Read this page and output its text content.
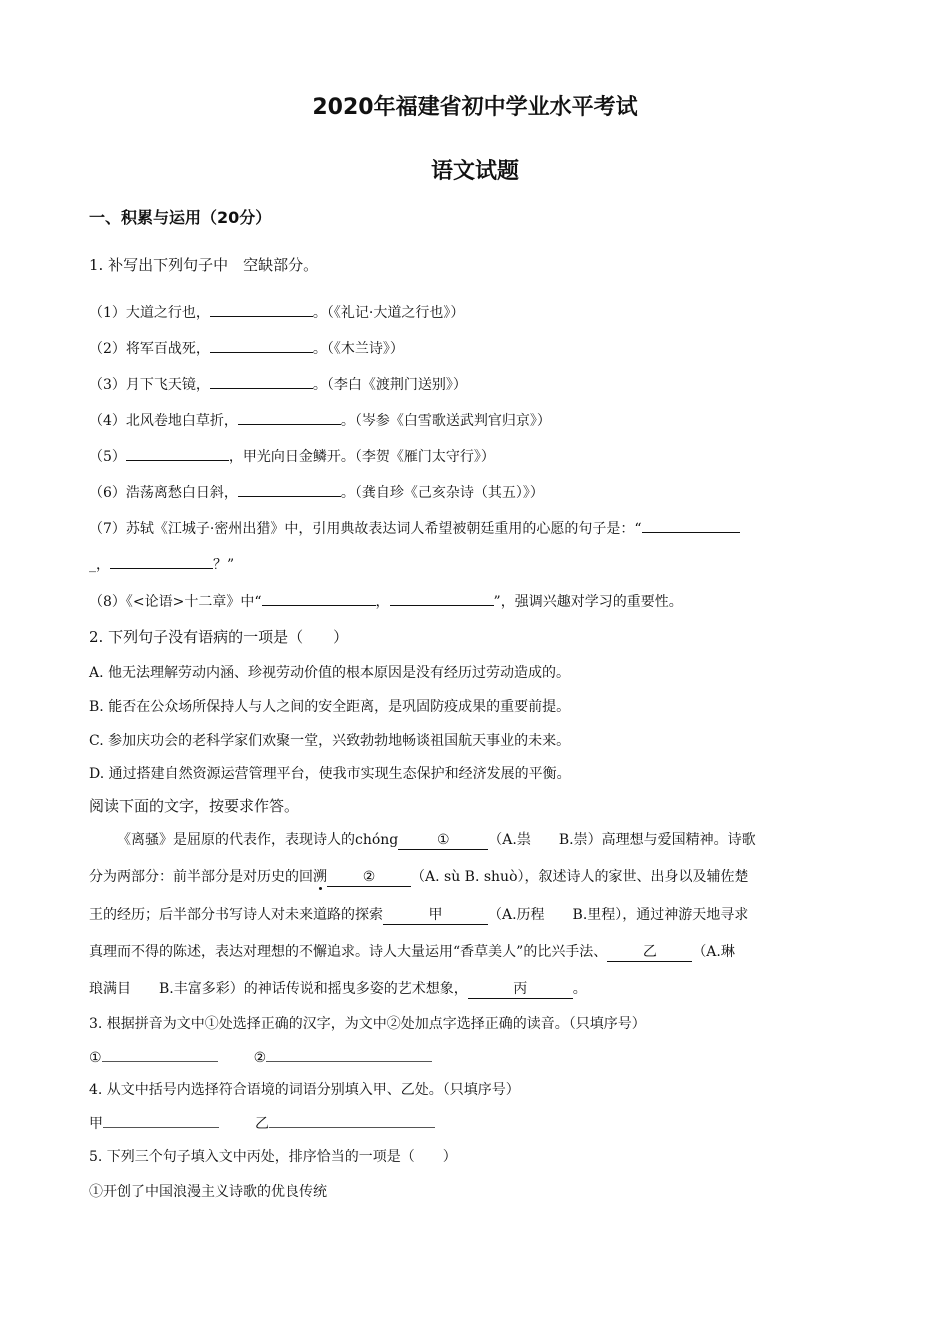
2020年福建省初中学业水平考试
语文试题
一、积累与运用（20分）
1. 补写出下列句子中　空缺部分。
（1）大道之行也，	。（《礼记·大道之行也》）
（2）将军百战死，	。（《木兰诗》）
（3）月下飞天镜，	。（李白《渡荆门送别》）
（4）北风卷地白草折，	。（岑参《白雪歌送武判官归京》）
（5）	，甲光向日金鳞开。（李贺《雁门太守行》）
（6）浩荡离愁白日斜，	。（龚自珍《己亥杂诗（其五）》）
（7）苏轼《江城子·密州出猎》中，引用典故表达词人希望被朝廷重用的心愿的句子是：“
_，	？”
（8）《<论语>十二章》中“	，	”，强调兴趣对学习的重要性。
2. 下列句子没有语病的一项是（　　）
A. 他无法理解劳动内涵、珍视劳动价值的根本原因是没有经历过劳动造成的。
B. 能否在公众场所保持人与人之间的安全距离，是巩固防疫成果的重要前提。
C. 参加庆功会的老科学家们欢聚一堂，兴致勃勃地畅谈祖国航天事业的未来。
D. 通过搭建自然资源运营管理平台，使我市实现生态保护和经济发展的平衡。
阅读下面的文字，按要求作答。
《离骚》是屈原的代表作，表现诗人的chóng	①	（A.祟　　B.崇）高理想与爱国精神。诗歌
分为两部分：前半部分是对历史的回溯	②	（A. sù B. shuò），叙述诗人的家世、出身以及辅佐楚
王的经历；后半部分书写诗人对未来道路的探索	甲	（A.历程　　B.里程），通过神游天地寻求
真理而不得的陈述，表达对理想的不懈追求。诗人大量运用“香草美人”的比兴手法、	乙	（A.琳
琅满目　　B.丰富多彩）的神话传说和摇曳多姿的艺术想象，	丙	。
3. 根据拼音为文中①处选择正确的汉字，为文中②处加点字选择正确的读音。（只填序号）
①	②
4. 从文中括号内选择符合语境的词语分别填入甲、乙处。（只填序号）
甲	乙
5. 下列三个句子填入文中丙处，排序恰当的一项是（　　）
①开创了中国浪漫主义诗歌的优良传统
